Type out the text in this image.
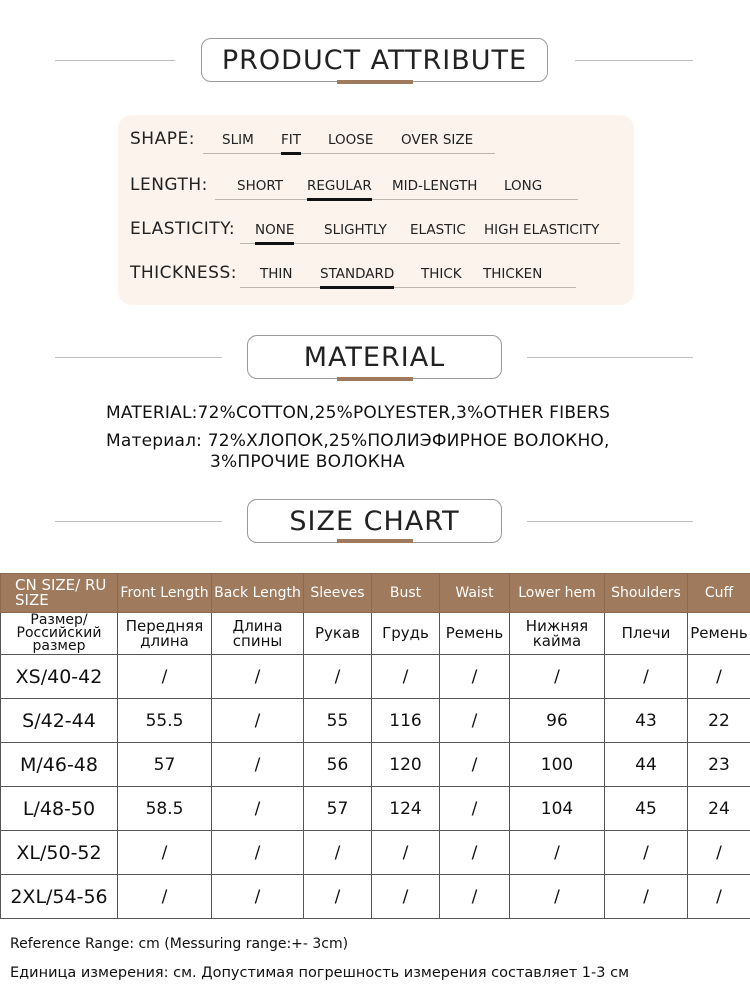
PRODUCT ATTRIBUTE
SHAPE: SLIM FIT LOOSE OVER SIZE
LENGTH: SHORT REGULAR MID-LENGTH LONG
ELASTICITY: NONE SLIGHTLY ELASTIC HIGH ELASTICITY
THICKNESS: THIN STANDARD THICK THICKEN
MATERIAL
MATERIAL:72%COTTON,25%POLYESTER,3%OTHER FIBERS
Материал: 72%ХЛОПОК,25%ПОЛИЭФИРНОЕ ВОЛОКНО,
3%ПРОЧИЕ ВОЛОКНА
SIZE CHART
CN SIZE/ RU SIZE	Front Length	Back Length	Sleeves	Bust	Waist	Lower hem	Shoulders	Cuff
Размер/ Российский размер	Передняя длина	Длина спины	Рукав	Грудь	Ремень	Нижняя кайма	Плечи	Ремень
XS/40-42	/	/	/	/	/	/	/	/
S/42-44	55.5	/	55	116	/	96	43	22
M/46-48	57	/	56	120	/	100	44	23
L/48-50	58.5	/	57	124	/	104	45	24
XL/50-52	/	/	/	/	/	/	/	/
2XL/54-56	/	/	/	/	/	/	/	/
Reference Range: cm (Messuring range:+- 3cm)
Единица измерения: см. Допустимая погрешность измерения составляет 1-3 см
